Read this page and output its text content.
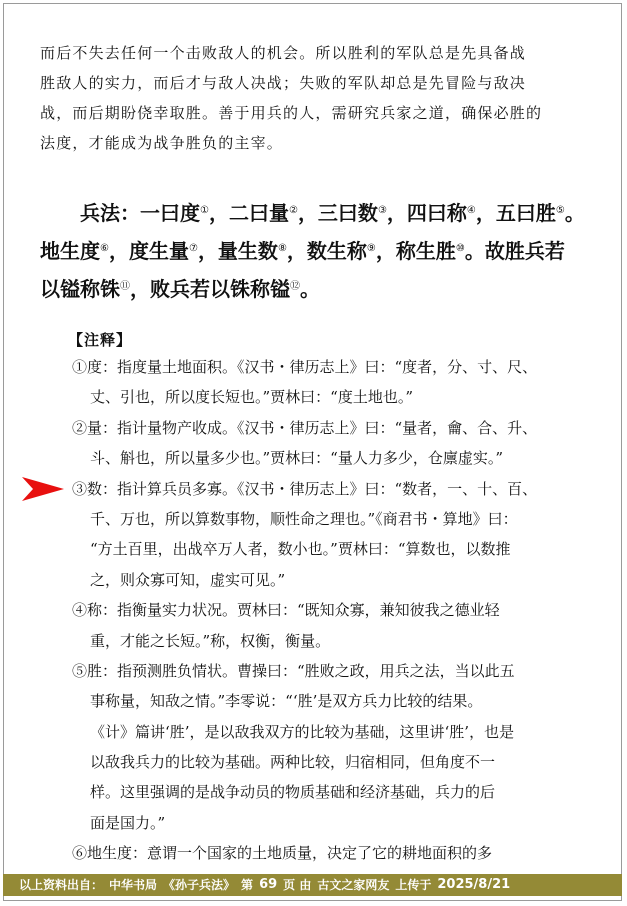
而后不失去任何一个击败敌人的机会。所以胜利的军队总是先具备战
胜敌人的实力，而后才与敌人决战；失败的军队却总是先冒险与敌决
战，而后期盼侥幸取胜。善于用兵的人，需研究兵家之道，确保必胜的
法度，才能成为战争胜负的主宰。
兵法：一曰度①，二曰量②，三曰数③，四曰称④，五曰胜⑤。
地生度⑥，度生量⑦，量生数⑧，数生称⑨，称生胜⑩。故胜兵若
以镒称铢⑪，败兵若以铢称镒⑫。
【注释】
①度：指度量土地面积。《汉书・律历志上》曰：“度者，分、寸、尺、
丈、引也，所以度长短也。”贾林曰：“度土地也。”
②量：指计量物产收成。《汉书・律历志上》曰：“量者，龠、合、升、
斗、斛也，所以量多少也。”贾林曰：“量人力多少，仓廪虚实。”
③数：指计算兵员多寡。《汉书・律历志上》曰：“数者，一、十、百、
千、万也，所以算数事物，顺性命之理也。”《商君书・算地》曰：
“方土百里，出战卒万人者，数小也。”贾林曰：“算数也，以数推
之，则众寡可知，虚实可见。”
④称：指衡量实力状况。贾林曰：“既知众寡，兼知彼我之德业轻
重，才能之长短。”称，权衡，衡量。
⑤胜：指预测胜负情状。曹操曰：“胜败之政，用兵之法，当以此五
事称量，知敌之情。”李零说：“‘胜’是双方兵力比较的结果。
《计》篇讲‘胜’，是以敌我双方的比较为基础，这里讲‘胜’，也是
以敌我兵力的比较为基础。两种比较，归宿相同，但角度不一
样。这里强调的是战争动员的物质基础和经济基础，兵力的后
面是国力。”
⑥地生度：意谓一个国家的土地质量，决定了它的耕地面积的多
以上资料出自： 中华书局 《孙子兵法》 第 69 页 由 古文之家网友 上传于 2025/8/21
